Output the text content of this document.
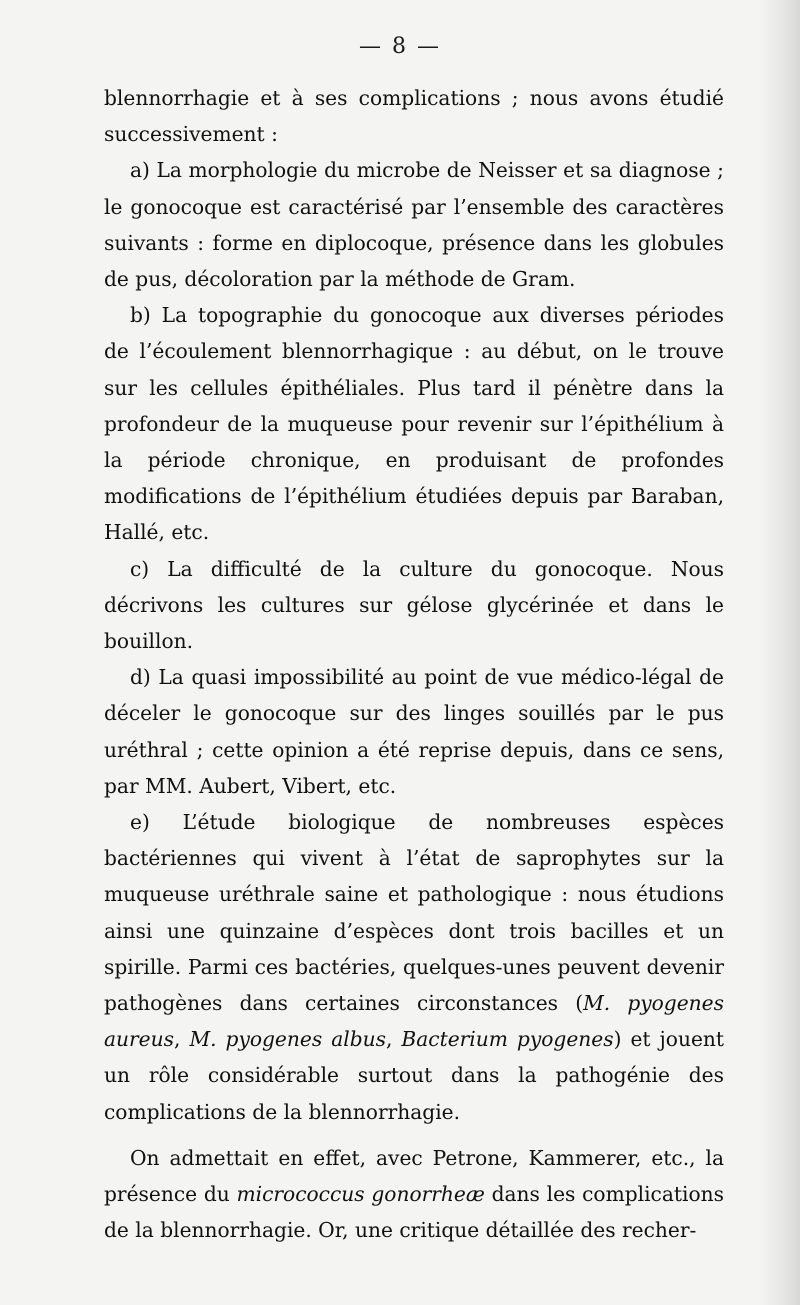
— 8 —

blennorrhagie et à ses complications ; nous avons étudié successivement :

a) La morphologie du microbe de Neisser et sa diagnose ; le gonocoque est caractérisé par l’ensemble des caractères suivants : forme en diplocoque, présence dans les globules de pus, décoloration par la méthode de Gram.

b) La topographie du gonocoque aux diverses périodes de l’écoulement blennorrhagique : au début, on le trouve sur les cellules épithéliales. Plus tard il pénètre dans la profondeur de la muqueuse pour revenir sur l’épithélium à la période chronique, en produisant de profondes modifications de l’épithélium étudiées depuis par Baraban, Hallé, etc.

c) La difficulté de la culture du gonocoque. Nous décrivons les cultures sur gélose glycérinée et dans le bouillon.

d) La quasi impossibilité au point de vue médico-légal de déceler le gonocoque sur des linges souillés par le pus uréthral ; cette opinion a été reprise depuis, dans ce sens, par MM. Aubert, Vibert, etc.

e) L’étude biologique de nombreuses espèces bactériennes qui vivent à l’état de saprophytes sur la muqueuse uréthrale saine et pathologique : nous étudions ainsi une quinzaine d’espèces dont trois bacilles et un spirille. Parmi ces bactéries, quelques-unes peuvent devenir pathogènes dans certaines circonstances (M. pyogenes aureus, M. pyogenes albus, Bacterium pyogenes) et jouent un rôle considérable surtout dans la pathogénie des complications de la blennorrhagie.

On admettait en effet, avec Petrone, Kammerer, etc., la présence du micrococcus gonorrheæ dans les complications de la blennorrhagie. Or, une critique détaillée des recher-
